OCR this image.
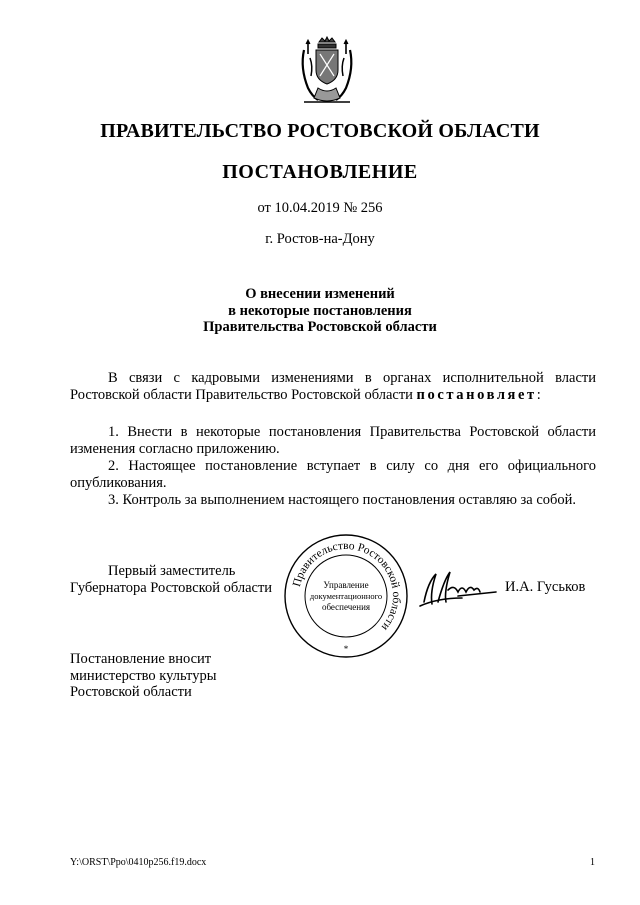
ПРАВИТЕЛЬСТВО РОСТОВСКОЙ ОБЛАСТИ
ПОСТАНОВЛЕНИЕ
от 10.04.2019 № 256
г. Ростов-на-Дону
О внесении изменений
в некоторые постановления
Правительства Ростовской области
В связи с кадровыми изменениями в органах исполнительной власти Ростовской области Правительство Ростовской области постановляет:
1. Внести в некоторые постановления Правительства Ростовской области изменения согласно приложению.
2. Настоящее постановление вступает в силу со дня его официального опубликования.
3. Контроль за выполнением настоящего постановления оставляю за собой.
Первый заместитель
Губернатора Ростовской области	Правительство Ростовской области
Управление
документационного
обеспечения
*
И.А. Гуськов
Постановление вносит
министерство культуры
Ростовской области
Y:\ORST\Ppo\0410p256.f19.docx	1
